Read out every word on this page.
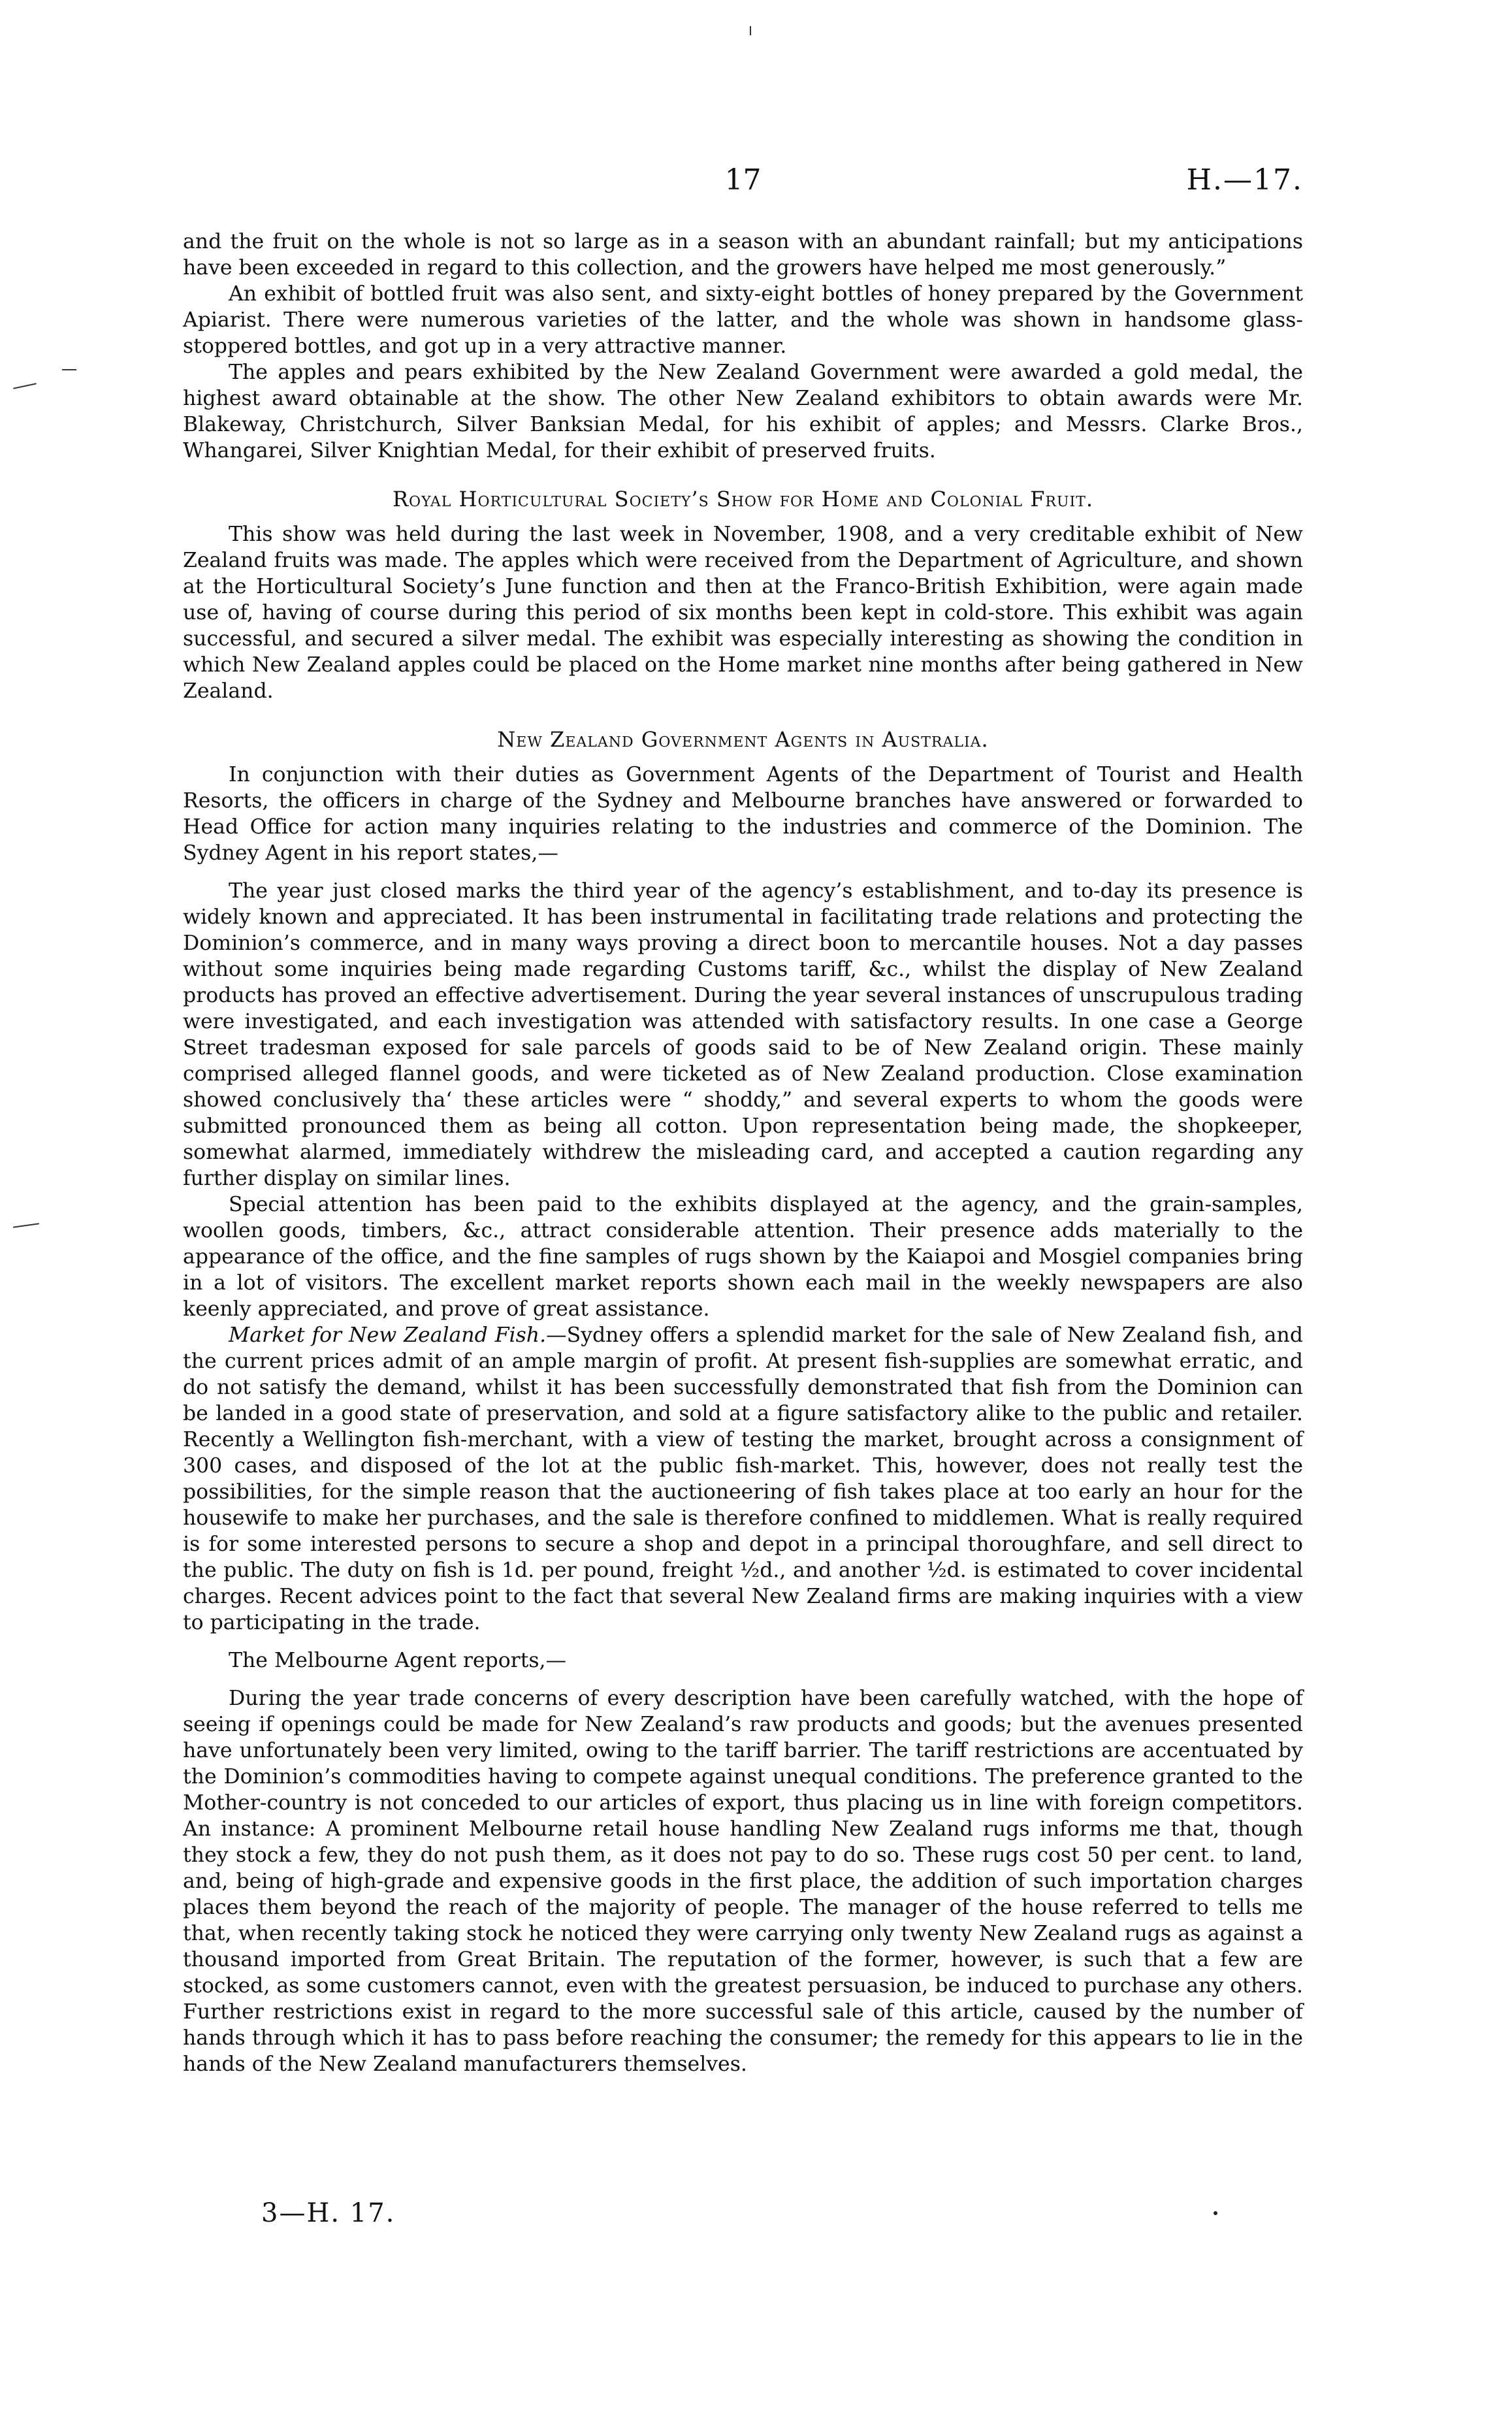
17	H.—17.

and the fruit on the whole is not so large as in a season with an abundant rainfall; but my anticipations have been exceeded in regard to this collection, and the growers have helped me most generously.”

An exhibit of bottled fruit was also sent, and sixty-eight bottles of honey prepared by the Government Apiarist. There were numerous varieties of the latter, and the whole was shown in handsome glass-stoppered bottles, and got up in a very attractive manner.

The apples and pears exhibited by the New Zealand Government were awarded a gold medal, the highest award obtainable at the show. The other New Zealand exhibitors to obtain awards were Mr. Blakeway, Christchurch, Silver Banksian Medal, for his exhibit of apples; and Messrs. Clarke Bros., Whangarei, Silver Knightian Medal, for their exhibit of preserved fruits.

Royal Horticultural Society’s Show for Home and Colonial Fruit.

This show was held during the last week in November, 1908, and a very creditable exhibit of New Zealand fruits was made. The apples which were received from the Department of Agriculture, and shown at the Horticultural Society’s June function and then at the Franco-British Exhibition, were again made use of, having of course during this period of six months been kept in cold-store. This exhibit was again successful, and secured a silver medal. The exhibit was especially interesting as showing the condition in which New Zealand apples could be placed on the Home market nine months after being gathered in New Zealand.

New Zealand Government Agents in Australia.

In conjunction with their duties as Government Agents of the Department of Tourist and Health Resorts, the officers in charge of the Sydney and Melbourne branches have answered or forwarded to Head Office for action many inquiries relating to the industries and commerce of the Dominion. The Sydney Agent in his report states,—

The year just closed marks the third year of the agency’s establishment, and to-day its presence is widely known and appreciated. It has been instrumental in facilitating trade relations and protecting the Dominion’s commerce, and in many ways proving a direct boon to mercantile houses. Not a day passes without some inquiries being made regarding Customs tariff, &c., whilst the display of New Zealand products has proved an effective advertisement. During the year several instances of unscrupulous trading were investigated, and each investigation was attended with satisfactory results. In one case a George Street tradesman exposed for sale parcels of goods said to be of New Zealand origin. These mainly comprised alleged flannel goods, and were ticketed as of New Zealand production. Close examination showed conclusively tha‘ these articles were “ shoddy,” and several experts to whom the goods were submitted pronounced them as being all cotton. Upon representation being made, the shopkeeper, somewhat alarmed, immediately withdrew the misleading card, and accepted a caution regarding any further display on similar lines.

Special attention has been paid to the exhibits displayed at the agency, and the grain-samples, woollen goods, timbers, &c., attract considerable attention. Their presence adds materially to the appearance of the office, and the fine samples of rugs shown by the Kaiapoi and Mosgiel companies bring in a lot of visitors. The excellent market reports shown each mail in the weekly newspapers are also keenly appreciated, and prove of great assistance.

Market for New Zealand Fish.—Sydney offers a splendid market for the sale of New Zealand fish, and the current prices admit of an ample margin of profit. At present fish-supplies are somewhat erratic, and do not satisfy the demand, whilst it has been successfully demonstrated that fish from the Dominion can be landed in a good state of preservation, and sold at a figure satisfactory alike to the public and retailer. Recently a Wellington fish-merchant, with a view of testing the market, brought across a consignment of 300 cases, and disposed of the lot at the public fish-market. This, however, does not really test the possibilities, for the simple reason that the auctioneering of fish takes place at too early an hour for the housewife to make her purchases, and the sale is therefore confined to middlemen. What is really required is for some interested persons to secure a shop and depot in a principal thoroughfare, and sell direct to the public. The duty on fish is 1d. per pound, freight ½d., and another ½d. is estimated to cover incidental charges. Recent advices point to the fact that several New Zealand firms are making inquiries with a view to participating in the trade.

The Melbourne Agent reports,—

During the year trade concerns of every description have been carefully watched, with the hope of seeing if openings could be made for New Zealand’s raw products and goods; but the avenues presented have unfortunately been very limited, owing to the tariff barrier. The tariff restrictions are accentuated by the Dominion’s commodities having to compete against unequal conditions. The preference granted to the Mother-country is not conceded to our articles of export, thus placing us in line with foreign competitors. An instance: A prominent Melbourne retail house handling New Zealand rugs informs me that, though they stock a few, they do not push them, as it does not pay to do so. These rugs cost 50 per cent. to land, and, being of high-grade and expensive goods in the first place, the addition of such importation charges places them beyond the reach of the majority of people. The manager of the house referred to tells me that, when recently taking stock he noticed they were carrying only twenty New Zealand rugs as against a thousand imported from Great Britain. The reputation of the former, however, is such that a few are stocked, as some customers cannot, even with the greatest persuasion, be induced to purchase any others. Further restrictions exist in regard to the more successful sale of this article, caused by the number of hands through which it has to pass before reaching the consumer; the remedy for this appears to lie in the hands of the New Zealand manufacturers themselves.

3—H. 17.
